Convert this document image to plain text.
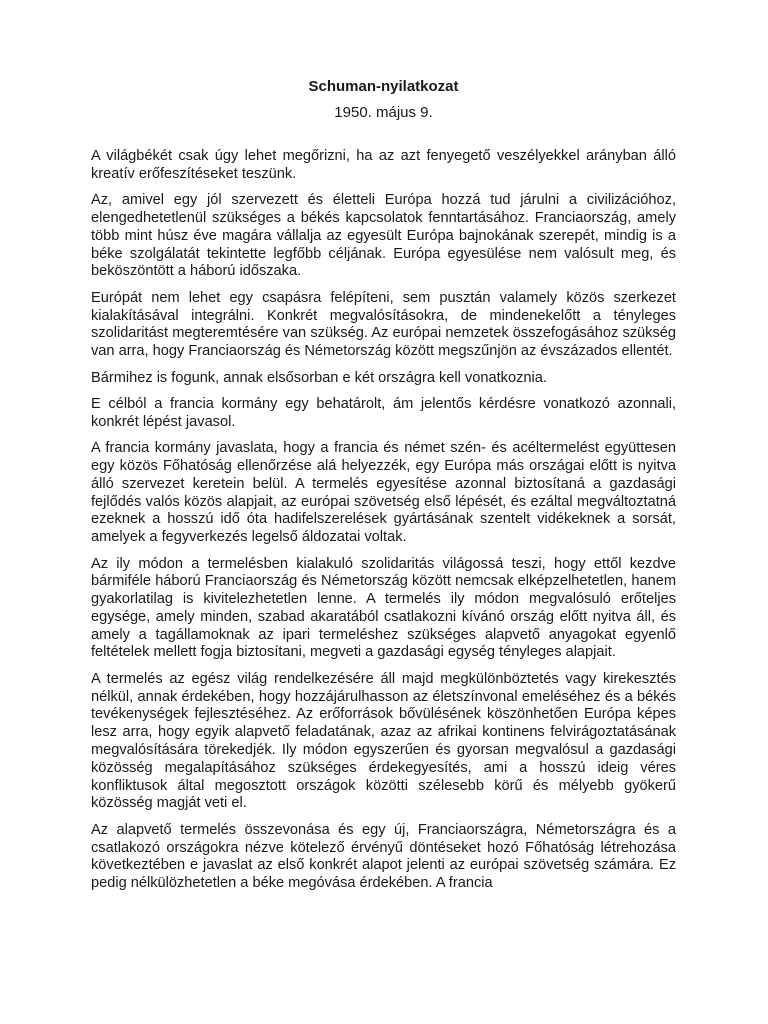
Schuman-nyilatkozat
1950. május 9.
A világbékét csak úgy lehet megőrizni, ha az azt fenyegető veszélyekkel arányban álló kreatív erőfeszítéseket teszünk.
Az, amivel egy jól szervezett és életteli Európa hozzá tud járulni a civilizációhoz, elengedhetetlenül szükséges a békés kapcsolatok fenntartásához. Franciaország, amely több mint húsz éve magára vállalja az egyesült Európa bajnokának szerepét, mindig is a béke szolgálatát tekintette legfőbb céljának. Európa egyesülése nem valósult meg, és beköszöntött a háború időszaka.
Európát nem lehet egy csapásra felépíteni, sem pusztán valamely közös szerkezet kialakításával integrálni. Konkrét megvalósításokra, de mindenekelőtt a tényleges szolidaritást megteremtésére van szükség. Az európai nemzetek összefogásához szükség van arra, hogy Franciaország és Németország között megszűnjön az évszázados ellentét.
Bármihez is fogunk, annak elsősorban e két országra kell vonatkoznia.
E célból a francia kormány egy behatárolt, ám jelentős kérdésre vonatkozó azonnali, konkrét lépést javasol.
A francia kormány javaslata, hogy a francia és német szén- és acéltermelést együttesen egy közös Főhatóság ellenőrzése alá helyezzék, egy Európa más országai előtt is nyitva álló szervezet keretein belül. A termelés egyesítése azonnal biztosítaná a gazdasági fejlődés valós közös alapjait, az európai szövetség első lépését, és ezáltal megváltoztatná ezeknek a hosszú idő óta hadifelszerelések gyártásának szentelt vidékeknek a sorsát, amelyek a fegyverkezés legelső áldozatai voltak.
Az ily módon a termelésben kialakuló szolidaritás világossá teszi, hogy ettől kezdve bármiféle háború Franciaország és Németország között nemcsak elképzelhetetlen, hanem gyakorlatilag is kivitelezhetetlen lenne. A termelés ily módon megvalósuló erőteljes egysége, amely minden, szabad akaratából csatlakozni kívánó ország előtt nyitva áll, és amely a tagállamoknak az ipari termeléshez szükséges alapvető anyagokat egyenlő feltételek mellett fogja biztosítani, megveti a gazdasági egység tényleges alapjait.
A termelés az egész világ rendelkezésére áll majd megkülönböztetés vagy kirekesztés nélkül, annak érdekében, hogy hozzájárulhasson az életszínvonal emeléséhez és a békés tevékenységek fejlesztéséhez. Az erőforrások bővülésének köszönhetően Európa képes lesz arra, hogy egyik alapvető feladatának, azaz az afrikai kontinens felvirágoztatásának megvalósítására törekedjék. Ily módon egyszerűen és gyorsan megvalósul a gazdasági közösség megalapításához szükséges érdekegyesítés, ami a hosszú ideig véres konfliktusok által megosztott országok közötti szélesebb körű és mélyebb gyökerű közösség magját veti el.
Az alapvető termelés összevonása és egy új, Franciaországra, Németországra és a csatlakozó országokra nézve kötelező érvényű döntéseket hozó Főhatóság létrehozása következtében e javaslat az első konkrét alapot jelenti az európai szövetség számára. Ez pedig nélkülözhetetlen a béke megóvása érdekében. A francia
